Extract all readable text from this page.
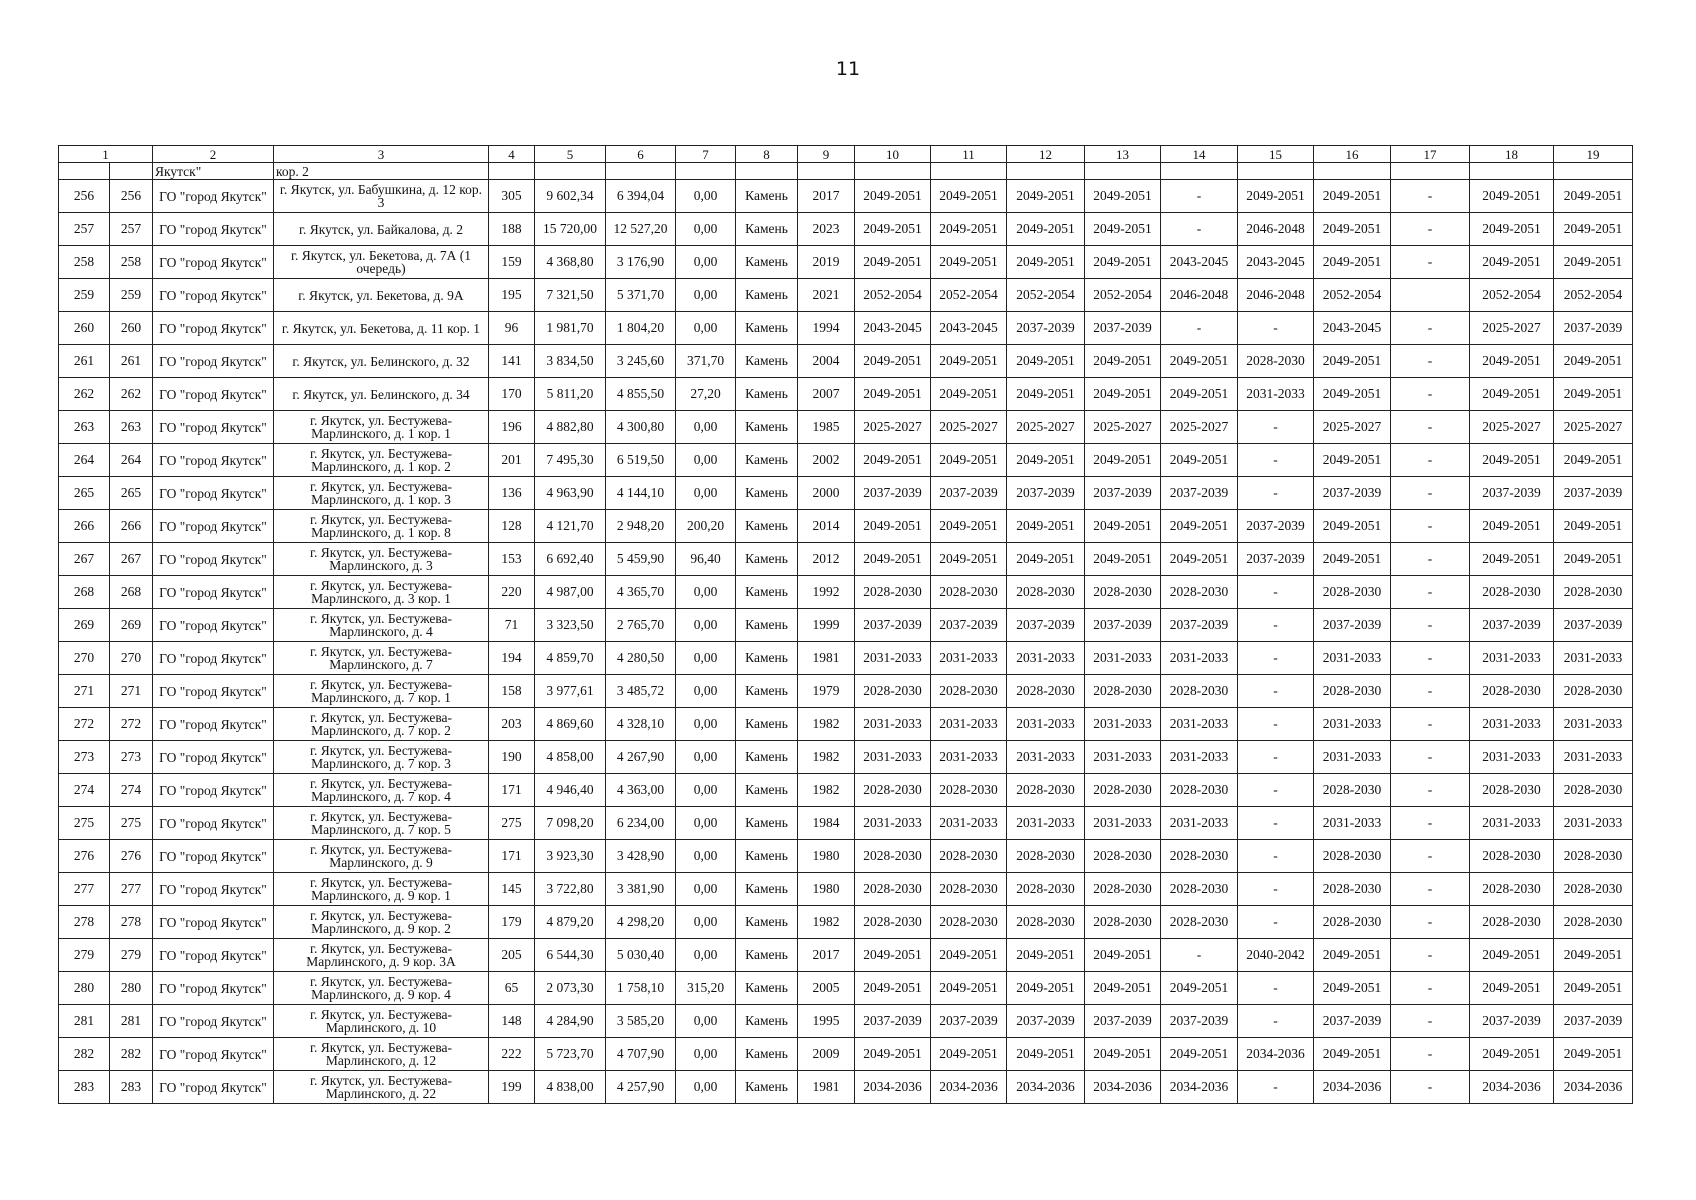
11
1		2	3	4	5	6	7	8	9	10	11	12	13	14	15	16	17	18	19
		Якутск"	кор. 2																
256	256	ГО "город Якутск"	г. Якутск, ул. Бабушкина, д. 12 кор. 3	305	9 602,34	6 394,04	0,00	Камень	2017	2049-2051	2049-2051	2049-2051	2049-2051	-	2049-2051	2049-2051	-	2049-2051	2049-2051
257	257	ГО "город Якутск"	г. Якутск, ул. Байкалова, д. 2	188	15 720,00	12 527,20	0,00	Камень	2023	2049-2051	2049-2051	2049-2051	2049-2051	-	2046-2048	2049-2051	-	2049-2051	2049-2051
258	258	ГО "город Якутск"	г. Якутск, ул. Бекетова, д. 7А (1 очередь)	159	4 368,80	3 176,90	0,00	Камень	2019	2049-2051	2049-2051	2049-2051	2049-2051	2043-2045	2043-2045	2049-2051	-	2049-2051	2049-2051
259	259	ГО "город Якутск"	г. Якутск, ул. Бекетова, д. 9А	195	7 321,50	5 371,70	0,00	Камень	2021	2052-2054	2052-2054	2052-2054	2052-2054	2046-2048	2046-2048	2052-2054		2052-2054	2052-2054
260	260	ГО "город Якутск"	г. Якутск, ул. Бекетова, д. 11 кор. 1	96	1 981,70	1 804,20	0,00	Камень	1994	2043-2045	2043-2045	2037-2039	2037-2039	-	-	2043-2045	-	2025-2027	2037-2039
261	261	ГО "город Якутск"	г. Якутск, ул. Белинского, д. 32	141	3 834,50	3 245,60	371,70	Камень	2004	2049-2051	2049-2051	2049-2051	2049-2051	2049-2051	2028-2030	2049-2051	-	2049-2051	2049-2051
262	262	ГО "город Якутск"	г. Якутск, ул. Белинского, д. 34	170	5 811,20	4 855,50	27,20	Камень	2007	2049-2051	2049-2051	2049-2051	2049-2051	2049-2051	2031-2033	2049-2051	-	2049-2051	2049-2051
263	263	ГО "город Якутск"	г. Якутск, ул. Бестужева-Марлинского, д. 1 кор. 1	196	4 882,80	4 300,80	0,00	Камень	1985	2025-2027	2025-2027	2025-2027	2025-2027	2025-2027	-	2025-2027	-	2025-2027	2025-2027
264	264	ГО "город Якутск"	г. Якутск, ул. Бестужева-Марлинского, д. 1 кор. 2	201	7 495,30	6 519,50	0,00	Камень	2002	2049-2051	2049-2051	2049-2051	2049-2051	2049-2051	-	2049-2051	-	2049-2051	2049-2051
265	265	ГО "город Якутск"	г. Якутск, ул. Бестужева-Марлинского, д. 1 кор. 3	136	4 963,90	4 144,10	0,00	Камень	2000	2037-2039	2037-2039	2037-2039	2037-2039	2037-2039	-	2037-2039	-	2037-2039	2037-2039
266	266	ГО "город Якутск"	г. Якутск, ул. Бестужева-Марлинского, д. 1 кор. 8	128	4 121,70	2 948,20	200,20	Камень	2014	2049-2051	2049-2051	2049-2051	2049-2051	2049-2051	2037-2039	2049-2051	-	2049-2051	2049-2051
267	267	ГО "город Якутск"	г. Якутск, ул. Бестужева-Марлинского, д. 3	153	6 692,40	5 459,90	96,40	Камень	2012	2049-2051	2049-2051	2049-2051	2049-2051	2049-2051	2037-2039	2049-2051	-	2049-2051	2049-2051
268	268	ГО "город Якутск"	г. Якутск, ул. Бестужева-Марлинского, д. 3 кор. 1	220	4 987,00	4 365,70	0,00	Камень	1992	2028-2030	2028-2030	2028-2030	2028-2030	2028-2030	-	2028-2030	-	2028-2030	2028-2030
269	269	ГО "город Якутск"	г. Якутск, ул. Бестужева-Марлинского, д. 4	71	3 323,50	2 765,70	0,00	Камень	1999	2037-2039	2037-2039	2037-2039	2037-2039	2037-2039	-	2037-2039	-	2037-2039	2037-2039
270	270	ГО "город Якутск"	г. Якутск, ул. Бестужева-Марлинского, д. 7	194	4 859,70	4 280,50	0,00	Камень	1981	2031-2033	2031-2033	2031-2033	2031-2033	2031-2033	-	2031-2033	-	2031-2033	2031-2033
271	271	ГО "город Якутск"	г. Якутск, ул. Бестужева-Марлинского, д. 7 кор. 1	158	3 977,61	3 485,72	0,00	Камень	1979	2028-2030	2028-2030	2028-2030	2028-2030	2028-2030	-	2028-2030	-	2028-2030	2028-2030
272	272	ГО "город Якутск"	г. Якутск, ул. Бестужева-Марлинского, д. 7 кор. 2	203	4 869,60	4 328,10	0,00	Камень	1982	2031-2033	2031-2033	2031-2033	2031-2033	2031-2033	-	2031-2033	-	2031-2033	2031-2033
273	273	ГО "город Якутск"	г. Якутск, ул. Бестужева-Марлинского, д. 7 кор. 3	190	4 858,00	4 267,90	0,00	Камень	1982	2031-2033	2031-2033	2031-2033	2031-2033	2031-2033	-	2031-2033	-	2031-2033	2031-2033
274	274	ГО "город Якутск"	г. Якутск, ул. Бестужева-Марлинского, д. 7 кор. 4	171	4 946,40	4 363,00	0,00	Камень	1982	2028-2030	2028-2030	2028-2030	2028-2030	2028-2030	-	2028-2030	-	2028-2030	2028-2030
275	275	ГО "город Якутск"	г. Якутск, ул. Бестужева-Марлинского, д. 7 кор. 5	275	7 098,20	6 234,00	0,00	Камень	1984	2031-2033	2031-2033	2031-2033	2031-2033	2031-2033	-	2031-2033	-	2031-2033	2031-2033
276	276	ГО "город Якутск"	г. Якутск, ул. Бестужева-Марлинского, д. 9	171	3 923,30	3 428,90	0,00	Камень	1980	2028-2030	2028-2030	2028-2030	2028-2030	2028-2030	-	2028-2030	-	2028-2030	2028-2030
277	277	ГО "город Якутск"	г. Якутск, ул. Бестужева-Марлинского, д. 9 кор. 1	145	3 722,80	3 381,90	0,00	Камень	1980	2028-2030	2028-2030	2028-2030	2028-2030	2028-2030	-	2028-2030	-	2028-2030	2028-2030
278	278	ГО "город Якутск"	г. Якутск, ул. Бестужева-Марлинского, д. 9 кор. 2	179	4 879,20	4 298,20	0,00	Камень	1982	2028-2030	2028-2030	2028-2030	2028-2030	2028-2030	-	2028-2030	-	2028-2030	2028-2030
279	279	ГО "город Якутск"	г. Якутск, ул. Бестужева-Марлинского, д. 9 кор. 3А	205	6 544,30	5 030,40	0,00	Камень	2017	2049-2051	2049-2051	2049-2051	2049-2051	-	2040-2042	2049-2051	-	2049-2051	2049-2051
280	280	ГО "город Якутск"	г. Якутск, ул. Бестужева-Марлинского, д. 9 кор. 4	65	2 073,30	1 758,10	315,20	Камень	2005	2049-2051	2049-2051	2049-2051	2049-2051	2049-2051	-	2049-2051	-	2049-2051	2049-2051
281	281	ГО "город Якутск"	г. Якутск, ул. Бестужева-Марлинского, д. 10	148	4 284,90	3 585,20	0,00	Камень	1995	2037-2039	2037-2039	2037-2039	2037-2039	2037-2039	-	2037-2039	-	2037-2039	2037-2039
282	282	ГО "город Якутск"	г. Якутск, ул. Бестужева-Марлинского, д. 12	222	5 723,70	4 707,90	0,00	Камень	2009	2049-2051	2049-2051	2049-2051	2049-2051	2049-2051	2034-2036	2049-2051	-	2049-2051	2049-2051
283	283	ГО "город Якутск"	г. Якутск, ул. Бестужева-Марлинского, д. 22	199	4 838,00	4 257,90	0,00	Камень	1981	2034-2036	2034-2036	2034-2036	2034-2036	2034-2036	-	2034-2036	-	2034-2036	2034-2036
